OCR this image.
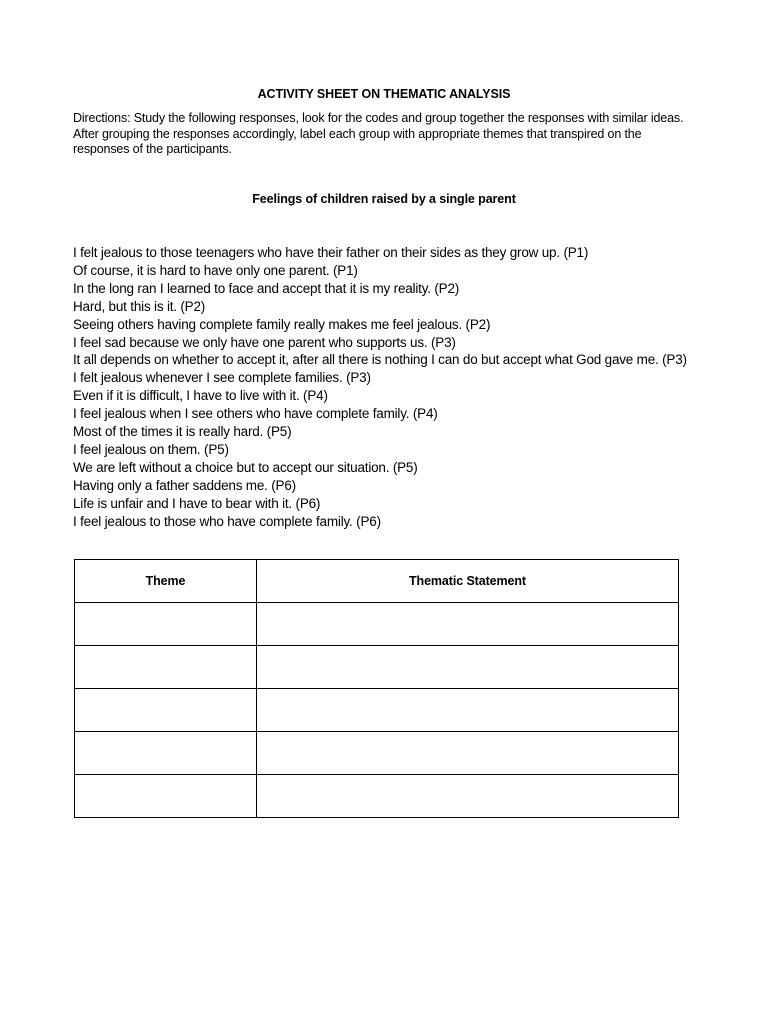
ACTIVITY SHEET ON THEMATIC ANALYSIS
Directions: Study the following responses, look for the codes and group together the responses with similar ideas. After grouping the responses accordingly, label each group with appropriate themes that transpired on the responses of the participants.
Feelings of children raised by a single parent
I felt jealous to those teenagers who have their father on their sides as they grow up. (P1)
Of course, it is hard to have only one parent. (P1)
In the long ran I learned to face and accept that it is my reality. (P2)
Hard, but this is it. (P2)
Seeing others having complete family really makes me feel jealous. (P2)
I feel sad because we only have one parent who supports us. (P3)
It all depends on whether to accept it, after all there is nothing I can do but accept what God gave me. (P3)
I felt jealous whenever I see complete families. (P3)
Even if it is difficult, I have to live with it. (P4)
I feel jealous when I see others who have complete family. (P4)
Most of the times it is really hard. (P5)
I feel jealous on them. (P5)
We are left without a choice but to accept our situation. (P5)
Having only a father saddens me. (P6)
Life is unfair and I have to bear with it. (P6)
I feel jealous to those who have complete family. (P6)
Theme	Thematic Statement
